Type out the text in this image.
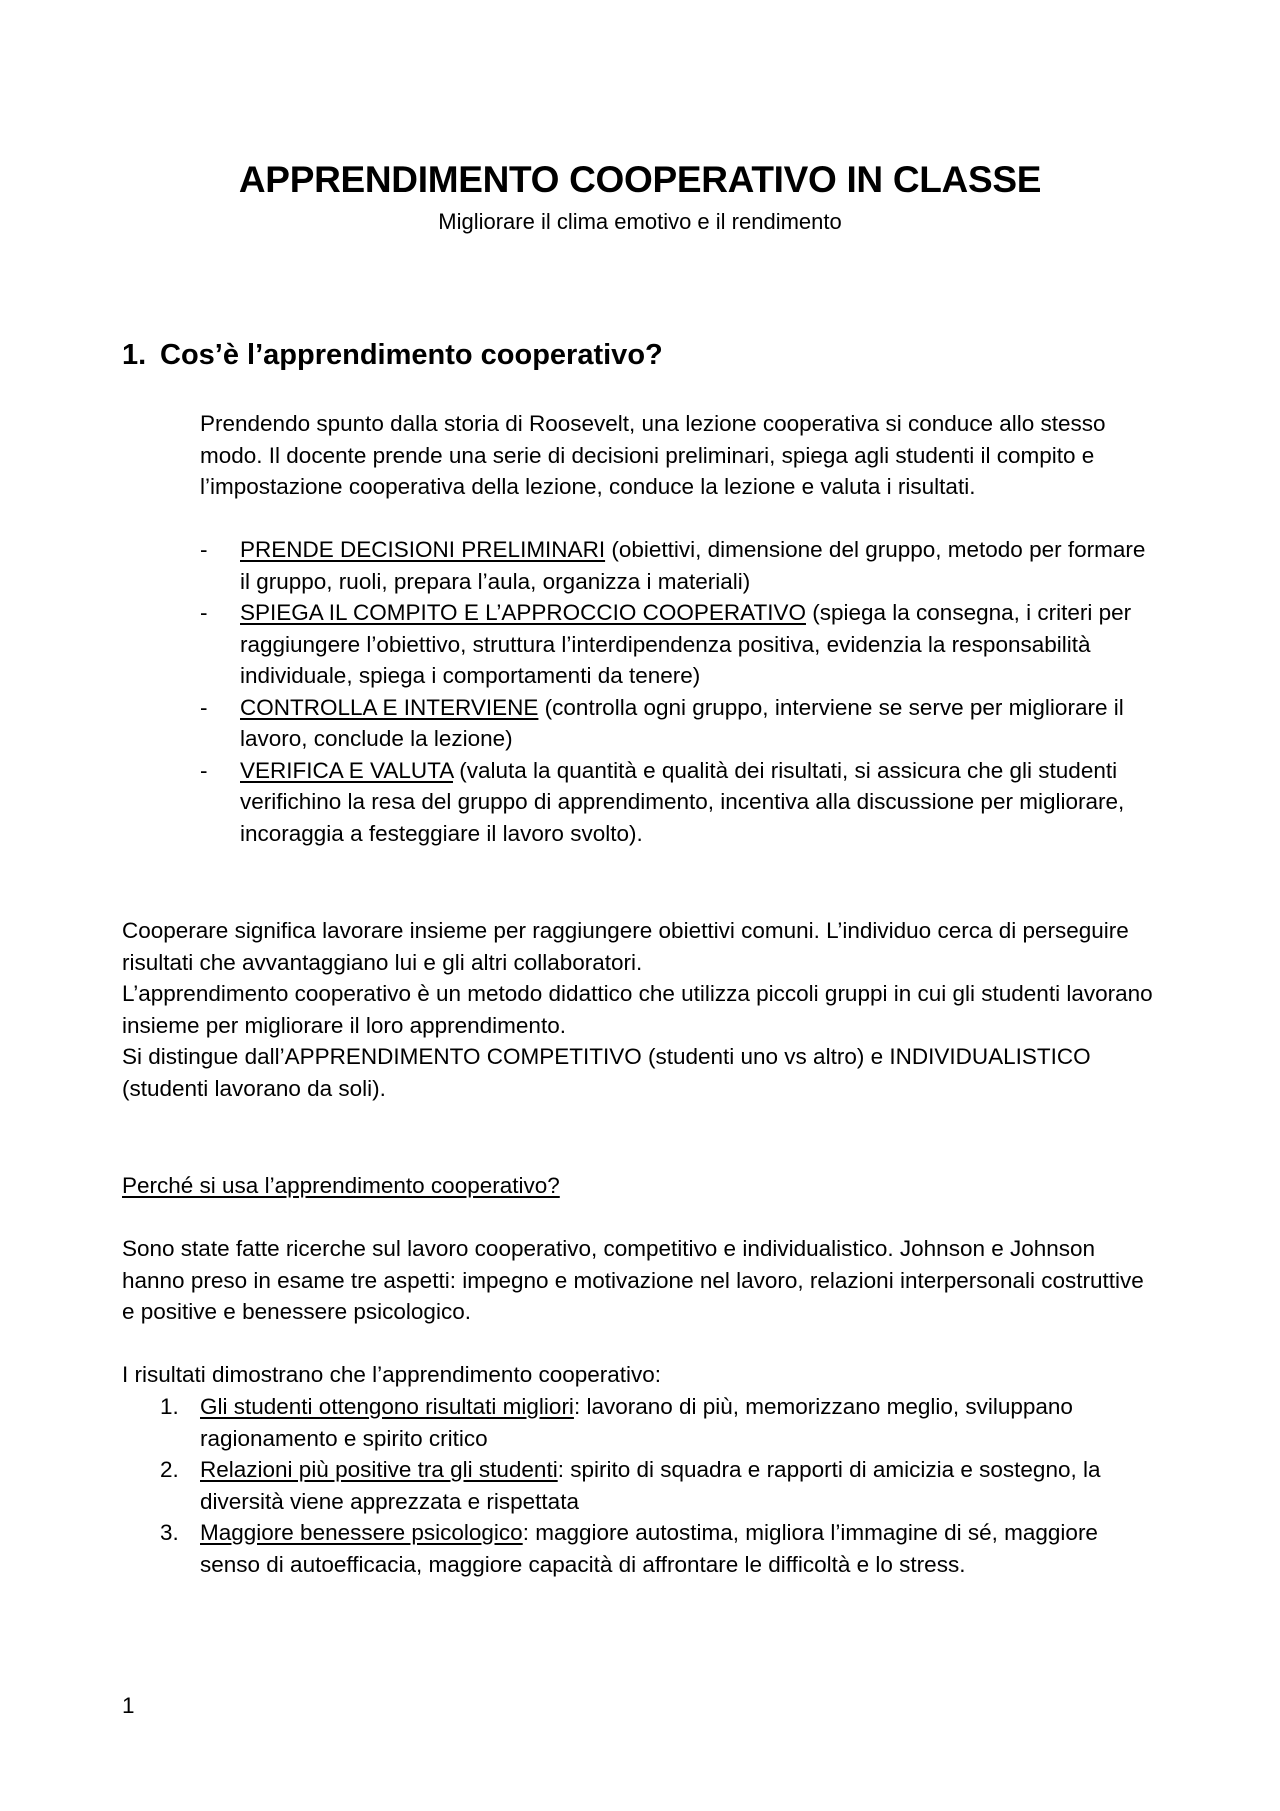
APPRENDIMENTO COOPERATIVO IN CLASSE
Migliorare il clima emotivo e il rendimento
1. Cos’è l’apprendimento cooperativo?

Prendendo spunto dalla storia di Roosevelt, una lezione cooperativa si conduce allo stesso modo. Il docente prende una serie di decisioni preliminari, spiega agli studenti il compito e l’impostazione cooperativa della lezione, conduce la lezione e valuta i risultati.

-	PRENDE DECISIONI PRELIMINARI (obiettivi, dimensione del gruppo, metodo per formare il gruppo, ruoli, prepara l’aula, organizza i materiali)
-	SPIEGA IL COMPITO E L’APPROCCIO COOPERATIVO (spiega la consegna, i criteri per raggiungere l’obiettivo, struttura l’interdipendenza positiva, evidenzia la responsabilità individuale, spiega i comportamenti da tenere)
-	CONTROLLA E INTERVIENE (controlla ogni gruppo, interviene se serve per migliorare il lavoro, conclude la lezione)
-	VERIFICA E VALUTA (valuta la quantità e qualità dei risultati, si assicura che gli studenti verifichino la resa del gruppo di apprendimento, incentiva alla discussione per migliorare, incoraggia a festeggiare il lavoro svolto).

Cooperare significa lavorare insieme per raggiungere obiettivi comuni. L’individuo cerca di perseguire risultati che avvantaggiano lui e gli altri collaboratori.

L’apprendimento cooperativo è un metodo didattico che utilizza piccoli gruppi in cui gli studenti lavorano insieme per migliorare il loro apprendimento.

Si distingue dall’APPRENDIMENTO COMPETITIVO (studenti uno vs altro) e INDIVIDUALISTICO (studenti lavorano da soli).

Perché si usa l’apprendimento cooperativo?

Sono state fatte ricerche sul lavoro cooperativo, competitivo e individualistico. Johnson e Johnson hanno preso in esame tre aspetti: impegno e motivazione nel lavoro, relazioni interpersonali costruttive e positive e benessere psicologico.

I risultati dimostrano che l’apprendimento cooperativo:

1. Gli studenti ottengono risultati migliori: lavorano di più, memorizzano meglio, sviluppano ragionamento e spirito critico
2. Relazioni più positive tra gli studenti: spirito di squadra e rapporti di amicizia e sostegno, la diversità viene apprezzata e rispettata
3. Maggiore benessere psicologico: maggiore autostima, migliora l’immagine di sé, maggiore senso di autoefficacia, maggiore capacità di affrontare le difficoltà e lo stress.
1
